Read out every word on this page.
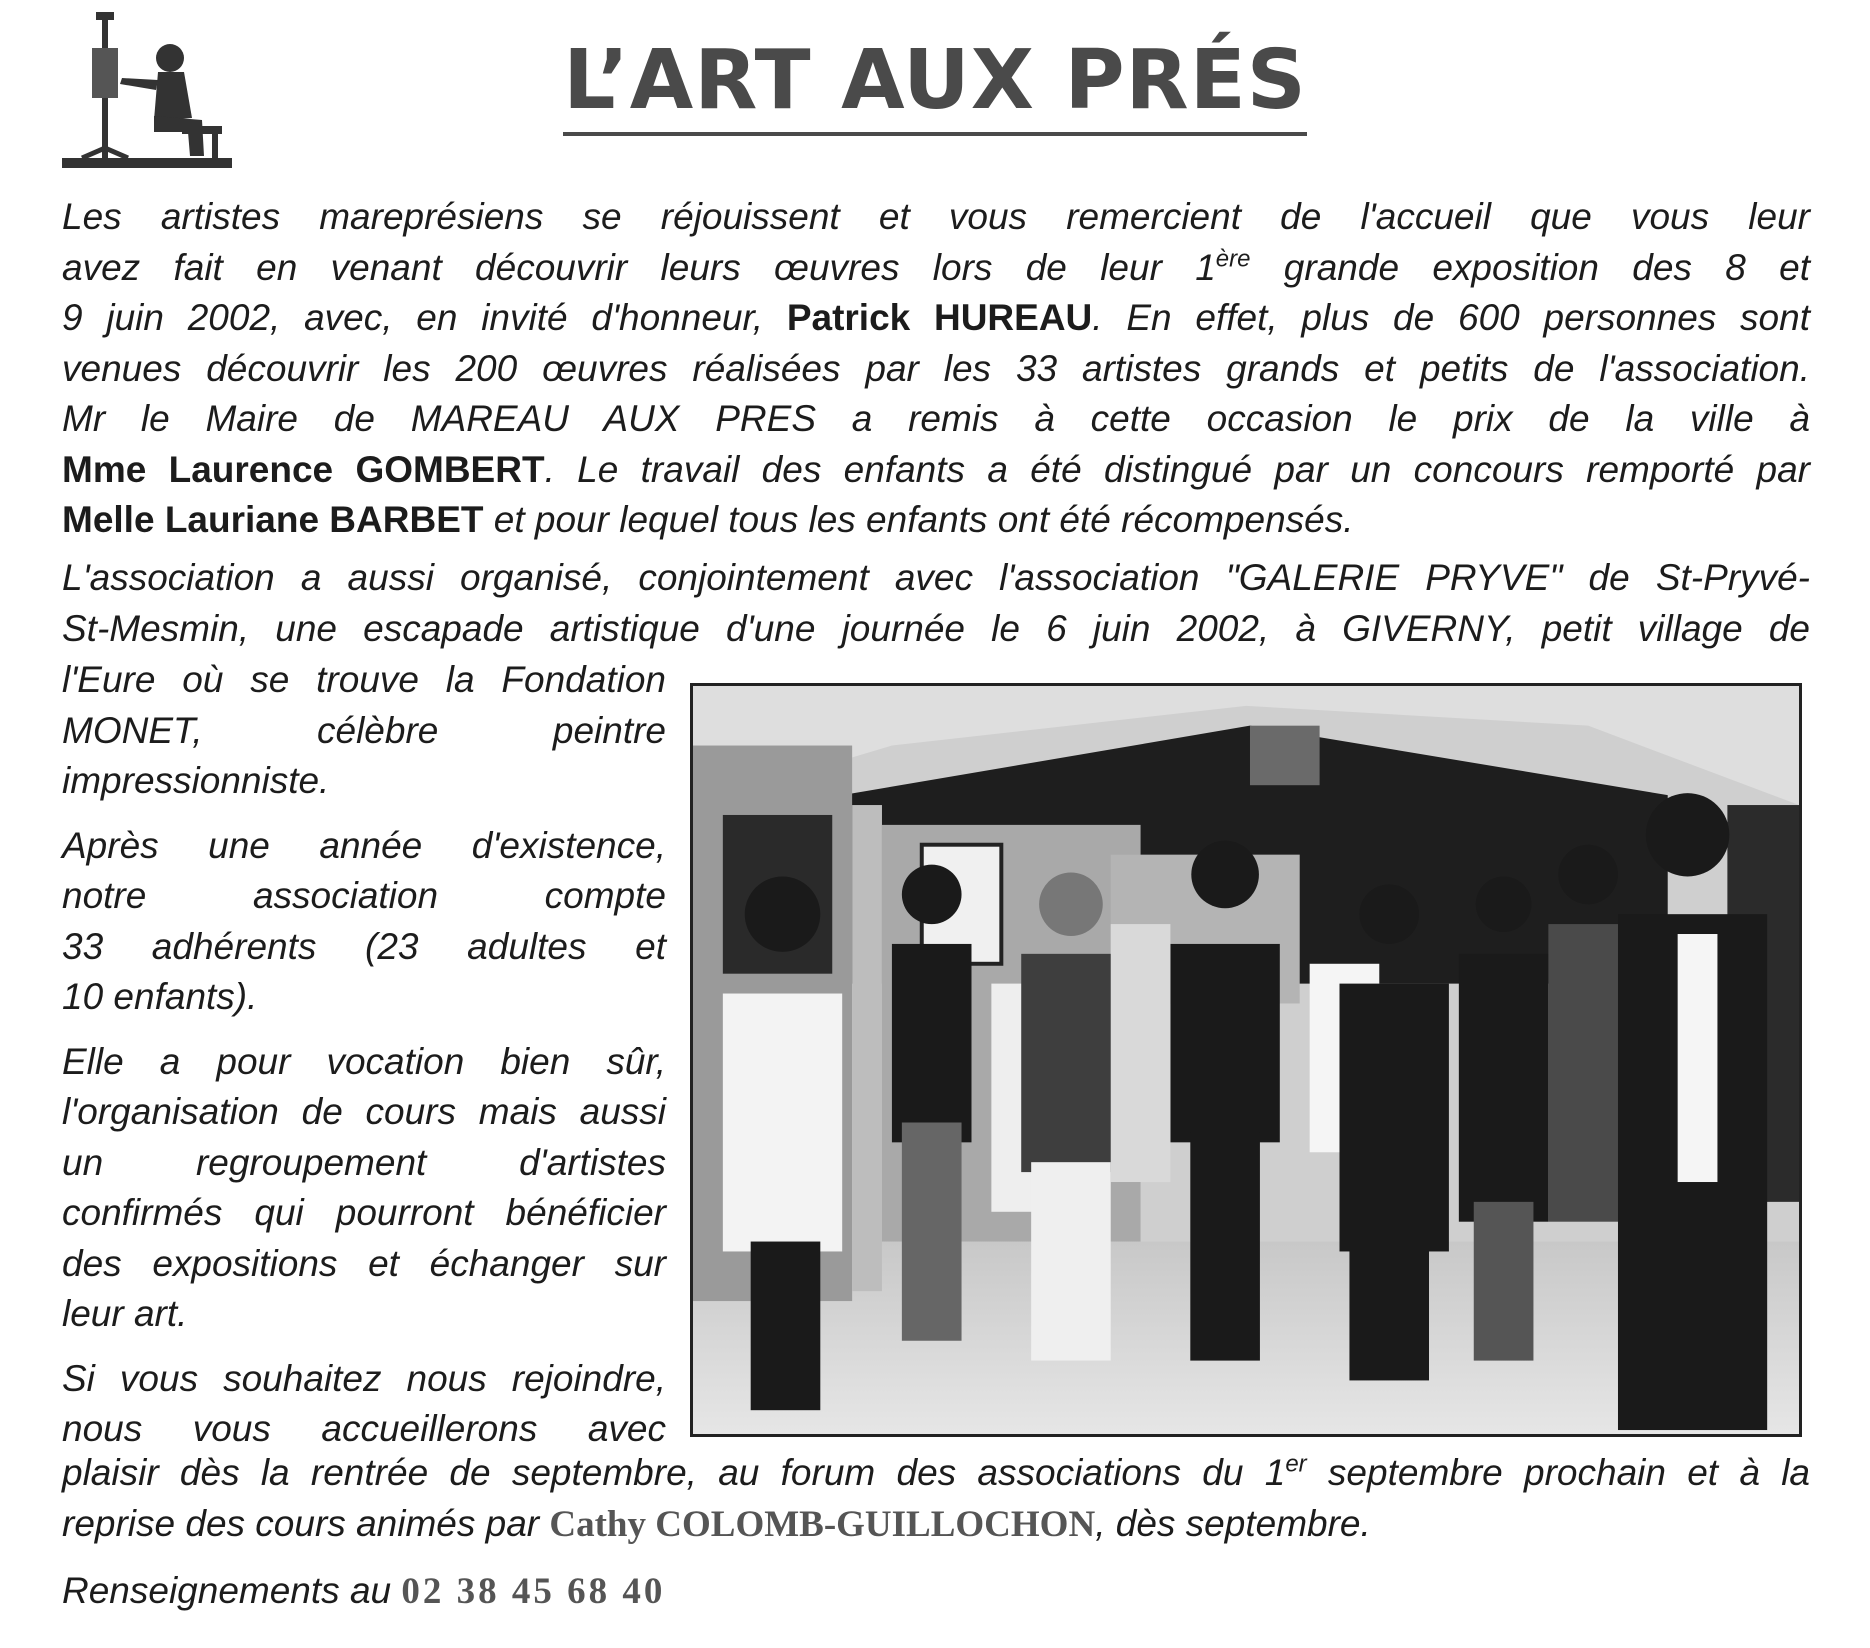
L’ART AUX PRÉS
Les artistes mareprésiens se réjouissent et vous remercient de l'accueil que vous leur
avez fait en venant découvrir leurs œuvres lors de leur 1ère grande exposition des 8 et
9 juin 2002, avec, en invité d'honneur, Patrick HUREAU. En effet, plus de 600 personnes sont
venues découvrir les 200 œuvres réalisées par les 33 artistes grands et petits de l'association.
Mr le Maire de MAREAU AUX PRES a remis à cette occasion le prix de la ville à
Mme Laurence GOMBERT. Le travail des enfants a été distingué par un concours remporté par
Melle Lauriane BARBET et pour lequel tous les enfants ont été récompensés.
L'association a aussi organisé, conjointement avec l'association "GALERIE PRYVE" de St-Pryvé-
St-Mesmin, une escapade artistique d'une journée le 6 juin 2002, à GIVERNY, petit village de

l'Eure où se trouve la Fondation
MONET, célèbre peintre
impressionniste.

Après une année d'existence,
notre association compte
33 adhérents (23 adultes et
10 enfants).

Elle a pour vocation bien sûr,
l'organisation de cours mais aussi
un regroupement d'artistes
confirmés qui pourront bénéficier
des expositions et échanger sur
leur art.

Si vous souhaitez nous rejoindre,
nous vous accueillerons avec

plaisir dès la rentrée de septembre, au forum des associations du 1er septembre prochain et à la
reprise des cours animés par Cathy COLOMB-GUILLOCHON, dès septembre.
Renseignements au 02 38 45 68 40
